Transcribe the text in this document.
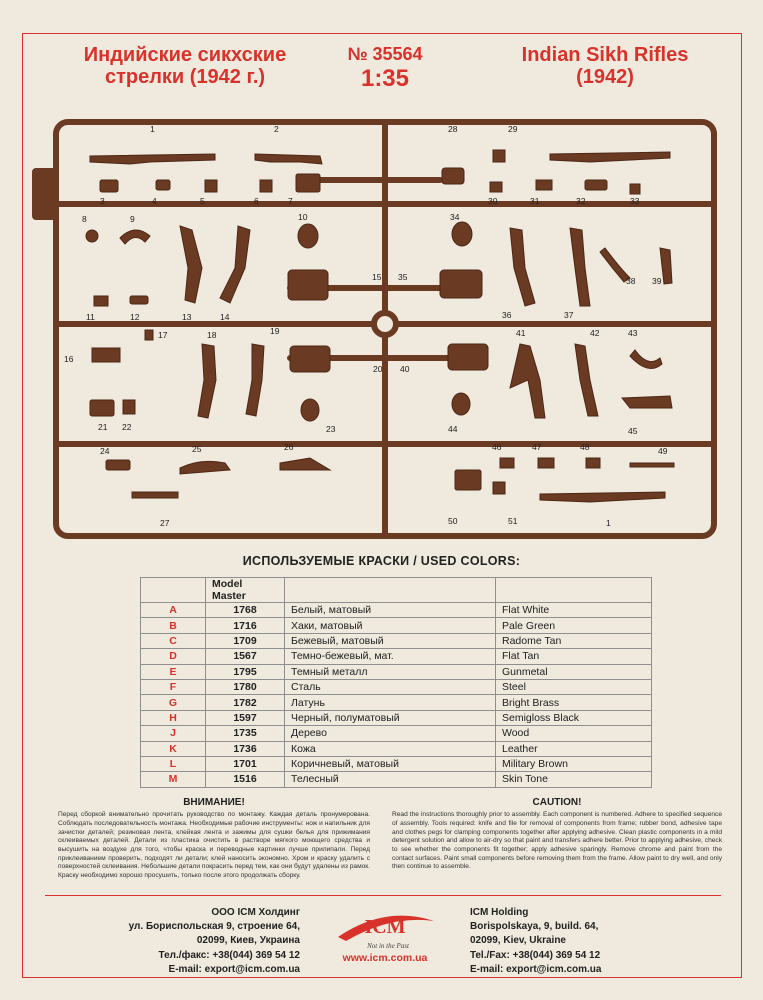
Индийские сикхские
стрелки (1942 г.)
№ 35564
1:35
Indian Sikh Rifles
(1942)
1	2
3	4	5	6	7
8	9	10
11	12	13	14
15
16
17	18	19
20
21 22	23
24	25	26
27
28	29
30	31	32	33
34
35
36	37
38 39
40
41	42	43
44	45
46	47	48	49
50	51	1
ИСПОЛЬЗУЕМЫЕ КРАСКИ / USED COLORS:
	Model Master		
A	1768	Белый, матовый	Flat White
B	1716	Хаки, матовый	Pale Green
C	1709	Бежевый, матовый	Radome Tan
D	1567	Темно-бежевый, мат.	Flat Tan
E	1795	Темный металл	Gunmetal
F	1780	Сталь	Steel
G	1782	Латунь	Bright Brass
H	1597	Черный, полуматовый	Semigloss Black
J	1735	Дерево	Wood
K	1736	Кожа	Leather
L	1701	Коричневый, матовый	Military Brown
M	1516	Телесный	Skin Tone
ВНИМАНИЕ!
Перед сборкой внимательно прочитать руководство по монтажу. Каждая деталь пронумерована. Соблюдать последовательность монтажа. Необходимые рабочие инструменты: нож и напильник для зачистки деталей; резиновая лента, клейкая лента и зажимы для сушки белья для прижимания склеиваемых деталей. Детали из пластика очистить в растворе мягкого моющего средства и высушить на воздухе для того, чтобы краска и переводные картинки лучше прилипали. Перед приклеиванием проверить, подходят ли детали; клей наносить экономно. Хром и краску удалить с поверхностей склеивания. Небольшие детали покрасить перед тем, как они будут удалены из рамок. Краску необходимо хорошо просушить, только после этого продолжать сборку.
CAUTION!
Read the instructions thoroughly prior to assembly. Each component is numbered. Adhere to specified sequence of assembly. Tools required: knife and file for removal of components from frame; rubber bond, adhesive tape and clothes pegs for clamping components together after applying adhesive. Clean plastic components in a mild detergent solution and allow to air-dry so that paint and transfers adhere better. Prior to applying adhesive, check to see whether the components fit together; apply adhesive sparingly. Remove chrome and paint from the contact surfaces. Paint small components before removing them from the frame. Allow paint to dry well, and only then continue to assemble.
ООО ICM Холдинг
ул. Бориспольская 9, строение 64,
02099, Киев, Украина
Тел./факс: +38(044) 369 54 12
E-mail: export@icm.com.ua
ICM
Not in the Past
www.icm.com.ua
ICM Holding
Borispolskaya, 9, build. 64,
02099, Kiev, Ukraine
Tel./Fax: +38(044) 369 54 12
E-mail: export@icm.com.ua
